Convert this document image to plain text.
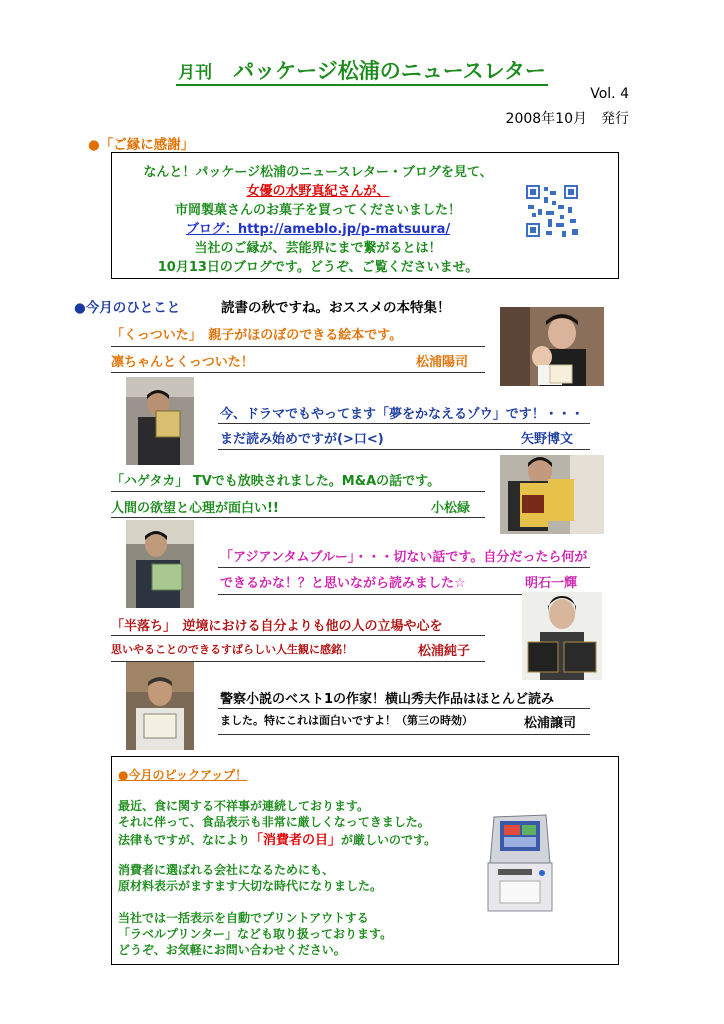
月刊　 パッケージ松浦のニュースレター
Vol. 4
2008年10月　発行
●「ご縁に感謝」
なんと！パッケージ松浦のニュースレター・ブログを見て、
女優の水野真紀さんが、
市岡製菓さんのお菓子を買ってくださいました！
ブログ：http://ameblo.jp/p-matsuura/
当社のご縁が、芸能界にまで繋がるとは！
10月13日のブログです。どうぞ、ご覧くださいませ。
●今月のひとこと	読書の秋ですね。おススメの本特集！
「くっついた」　親子がほのぼのできる絵本です。
凛ちゃんとくっついた！	松浦陽司
今、ドラマでもやってます「夢をかなえるゾウ」です！・・・
まだ読み始めですが(>口<)	矢野博文
「ハゲタカ」 TVでも放映されました。M&Aの話です。
人間の欲望と心理が面白い!!	小松緑
「アジアンタムブルー」・・・切ない話です。自分だったら何が
できるかな！？と思いながら読みました☆	明石一輝
「半落ち」　逆境における自分よりも他の人の立場や心を
思いやることのできるすばらしい人生観に感銘！	松浦純子
警察小説のベスト1の作家！横山秀夫作品はほとんど読み
ました。特にこれは面白いですよ！（第三の時効）	松浦譲司
●今月のピックアップ！
最近、食に関する不祥事が連続しております。
それに伴って、食品表示も非常に厳しくなってきました。
法律もですが、なにより「消費者の目」が厳しいのです。
消費者に選ばれる会社になるためにも、
原材料表示がますます大切な時代になりました。
当社では一括表示を自動でプリントアウトする
「ラベルプリンター」なども取り扱っております。
どうぞ、お気軽にお問い合わせください。
